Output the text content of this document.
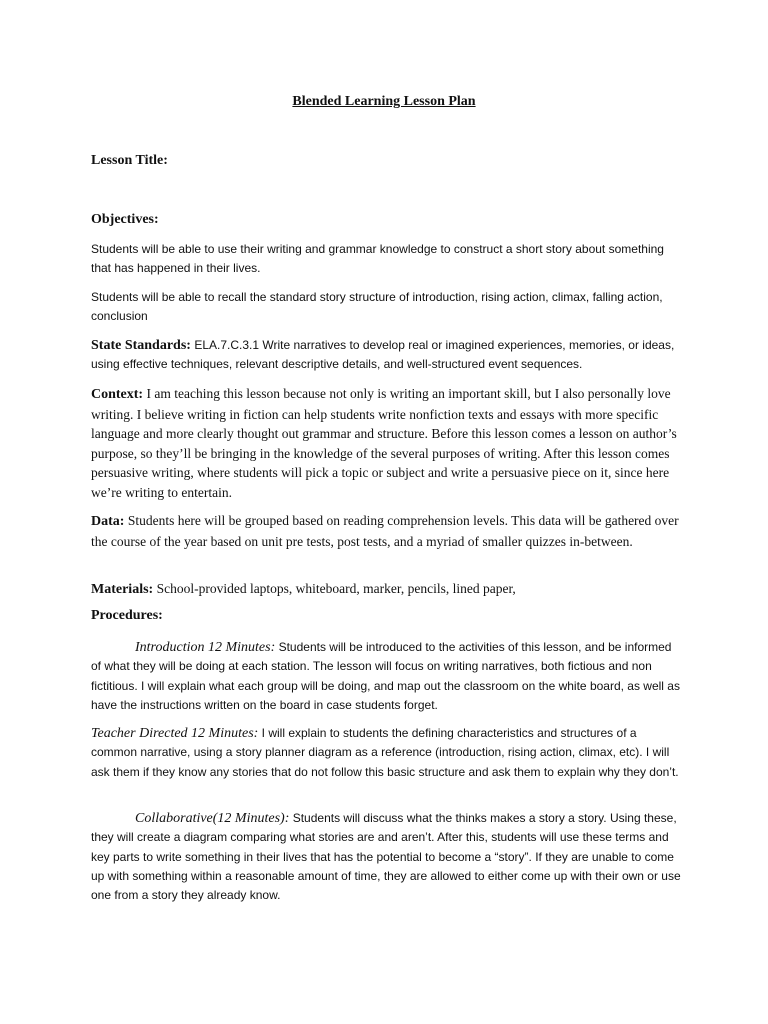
Blended Learning Lesson Plan
Lesson Title:
Objectives:
Students will be able to use their writing and grammar knowledge to construct a short story about something that has happened in their lives.
Students will be able to recall the standard story structure of introduction, rising action, climax, falling action, conclusion
State Standards: ELA.7.C.3.1 Write narratives to develop real or imagined experiences, memories, or ideas, using effective techniques, relevant descriptive details, and well-structured event sequences.
Context: I am teaching this lesson because not only is writing an important skill, but I also personally love writing. I believe writing in fiction can help students write nonfiction texts and essays with more specific language and more clearly thought out grammar and structure. Before this lesson comes a lesson on author’s purpose, so they’ll be bringing in the knowledge of the several purposes of writing. After this lesson comes persuasive writing, where students will pick a topic or subject and write a persuasive piece on it, since here we’re writing to entertain.
Data: Students here will be grouped based on reading comprehension levels. This data will be gathered over the course of the year based on unit pre tests, post tests, and a myriad of smaller quizzes in-between.
Materials: School-provided laptops, whiteboard, marker, pencils, lined paper,
Procedures:
Introduction 12 Minutes: Students will be introduced to the activities of this lesson, and be informed of what they will be doing at each station. The lesson will focus on writing narratives, both fictious and non fictitious. I will explain what each group will be doing, and map out the classroom on the white board, as well as have the instructions written on the board in case students forget.
Teacher Directed 12 Minutes: I will explain to students the defining characteristics and structures of a common narrative, using a story planner diagram as a reference (introduction, rising action, climax, etc). I will ask them if they know any stories that do not follow this basic structure and ask them to explain why they don’t.
Collaborative(12 Minutes): Students will discuss what the thinks makes a story a story. Using these, they will create a diagram comparing what stories are and aren’t. After this, students will use these terms and key parts to write something in their lives that has the potential to become a “story”. If they are unable to come up with something within a reasonable amount of time, they are allowed to either come up with their own or use one from a story they already know.
